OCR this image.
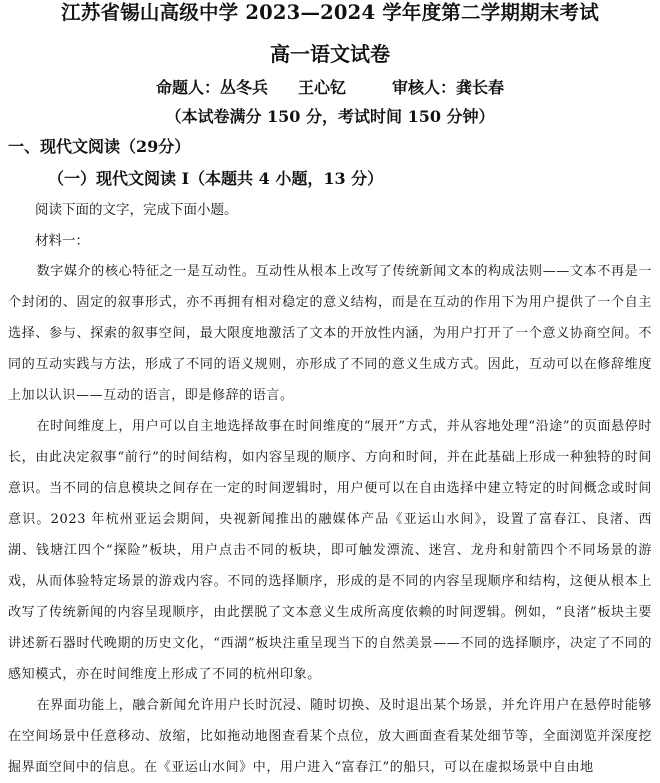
江苏省锡山高级中学 2023—2024 学年度第二学期期末考试
高一语文试卷
命题人：丛冬兵 王心钇	审核人：龚长春
（本试卷满分 150 分，考试时间 150 分钟）
一、现代文阅读（29分）
（一）现代文阅读 I（本题共 4 小题，13 分）
阅读下面的文字，完成下面小题。
材料一：

数字媒介的核心特征之一是互动性。互动性从根本上改写了传统新闻文本的构成法则——文本不再是一个封闭的、固定的叙事形式，亦不再拥有相对稳定的意义结构，而是在互动的作用下为用户提供了一个自主选择、参与、探索的叙事空间，最大限度地激活了文本的开放性内涵，为用户打开了一个意义协商空间。不同的互动实践与方法，形成了不同的语义规则，亦形成了不同的意义生成方式。因此，互动可以在修辞维度上加以认识——互动的语言，即是修辞的语言。

在时间维度上，用户可以自主地选择故事在时间维度的“展开”方式，并从容地处理“沿途”的页面悬停时长，由此决定叙事“前行”的时间结构，如内容呈现的顺序、方向和时间，并在此基础上形成一种独特的时间意识。当不同的信息模块之间存在一定的时间逻辑时，用户便可以在自由选择中建立特定的时间概念或时间意识。2023 年杭州亚运会期间，央视新闻推出的融媒体产品《亚运山水间》，设置了富春江、良渚、西湖、钱塘江四个“探险”板块，用户点击不同的板块，即可触发漂流、迷宫、龙舟和射箭四个不同场景的游戏，从而体验特定场景的游戏内容。不同的选择顺序，形成的是不同的内容呈现顺序和结构，这便从根本上改写了传统新闻的内容呈现顺序，由此摆脱了文本意义生成所高度依赖的时间逻辑。例如，“良渚”板块主要讲述新石器时代晚期的历史文化，“西湖”板块注重呈现当下的自然美景——不同的选择顺序，决定了不同的感知模式，亦在时间维度上形成了不同的杭州印象。

在界面功能上，融合新闻允许用户长时沉浸、随时切换、及时退出某个场景，并允许用户在悬停时能够在空间场景中任意移动、放缩，比如拖动地图查看某个点位，放大画面查看某处细节等，全面浏览并深度挖掘界面空间中的信息。在《亚运山水间》中，用户进入“富春江”的船只，可以在虚拟场景中自由地
